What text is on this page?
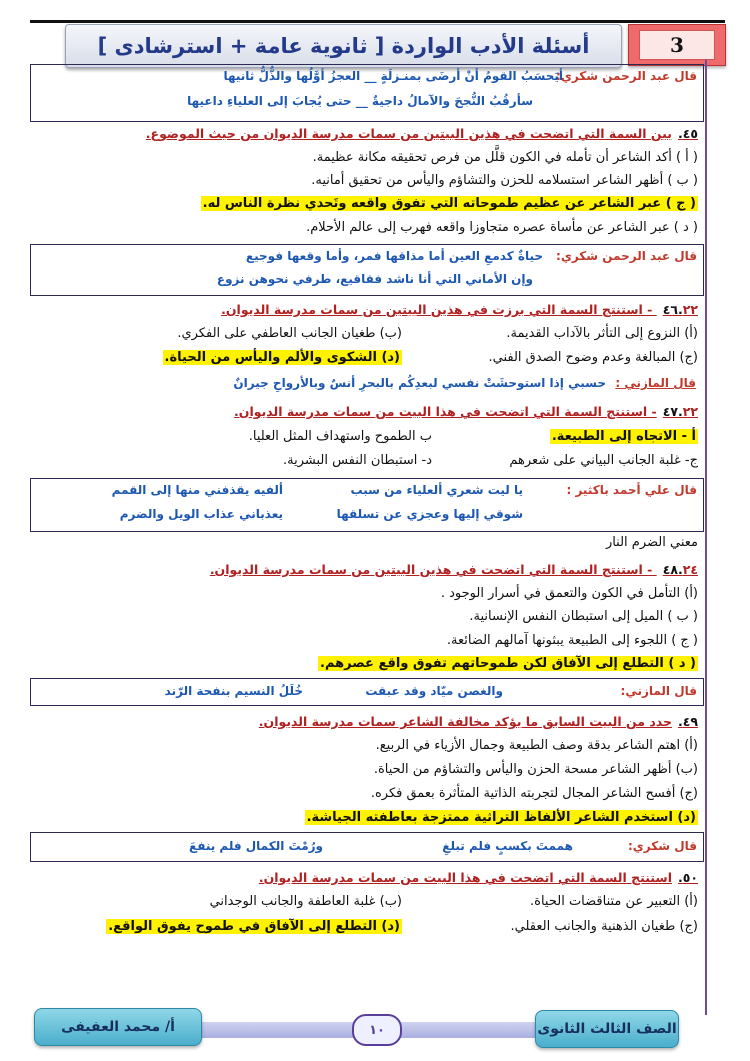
أسئلة الأدب الواردة [ ثانوية عامة + استرشادى ]	3
قال عبد الرحمن شكري:
أيَحسَبُ القومُ أنْ أرضَى بمنـزلَةٍ __ العجزُ أوَّلُها والذُّلُّ ثانيها
سأرقُبُ النُّجحَ والآمالُ داجيةٌ __ حتى يُجابَ إلى العلياءِ داعيها
٤٥.بين السمة التي اتضحت في هذين البيتين من سمات مدرسة الديوان من حيث الموضوع.
( أ ) أكد الشاعر أن تأمله في الكون قلَّل من فرص تحقيقه مكانة عظيمة.
( ب ) أظهر الشاعر استسلامه للحزن والتشاؤم واليأس من تحقيق أمانيه.
( ج ) عبر الشاعر عن عظيم طموحاته التي تفوق واقعه وتَحدي نظرة الناس له.
( د ) عبر الشاعر عن مأساة عصره متجاوزا واقعه فهرب إلى عالم الأحلام.
قال عبد الرحمن شكري:
حياةٌ كدمعِ العين أما مذاقها فمر، وأما وقعها فوجيع
وإن الأماني التي أنا ناشد فقاقيع، طرفي نحوهن نزوع
٤٦.٢٢ - استنتج السمة التي برزت في هذين البيتين من سمات مدرسة الديوان.
(أ) النزوع إلى التأثر بالآداب القديمة.
(ب) طغيان الجانب العاطفي على الفكري.
(ج) المبالغة وعدم وضوح الصدق الفني.
(د) الشكوى والألم واليأس من الحياة.
قال المازني :
حسبي إذا استوحشَتْ نفسي لبعدِكُم بالبحرِ أنسٌ وبالأرواحِ جيرانٌ
٤٧.٢٢- استنتج السمة التي اتضحت في هذا البيت من سمات مدرسة الديوان.
أ - الاتجاه إلى الطبيعة.
ب الطموح واستهداف المثل العليا.
ج- غلبة الجانب البياني على شعرهم
د- استبطان النفس البشرية.
قال علي أحمد باكثير :
يا ليت شعري ألعلياء من سبب
ألفيه يقذفني منها إلى القمم
شوقي إليها وعجزي عن تسلقها
يعذباني عذاب الويل والضرم
معني الضرم النار
٤٨.٢٤ - استنتج السمة التي اتضحت في هذين البيتين من سمات مدرسة الديوان.
(أ) التأمل في الكون والتعمق في أسرار الوجود .
( ب ) الميل إلى استبطان النفس الإنسانية.
( ج ) اللجوء إلى الطبيعة يبثونها آمالهم الضائعة.
( د ) التطلع إلى الآفاق لكن طموحاتهم تفوق واقع عصرهم.
قال المازني:
والغصن ميّاد وقد عبقت
خُلَلُ النسيم بنفحة الرّند
٤٩.حدد من البيت السابق ما يؤكد مخالفة الشاعر سمات مدرسة الديوان.
(أ) اهتم الشاعر بدقة وصف الطبيعة وجمال الأزياء في الربيع.
(ب) أظهر الشاعر مسحة الحزن واليأس والتشاؤم من الحياة.
(ج) أفسح الشاعر المجال لتجربته الذاتية المتأثرة بعمق فكره.
(د) استخدم الشاعر الألفاظ التراثية ممتزجة بعاطفته الجياشة.
قال شكري:
هممتَ بكسبٍ فلم تبلغِ
ورُمْتَ الكمال فلم ينفعَ
٥٠.استنتج السمة التي اتضحت في هذا البيت من سمات مدرسة الديوان.
(أ) التعبير عن متناقضات الحياة.
(ب) غلبة العاطفة والجانب الوجداني
(ج) طغيان الذهنية والجانب العقلي.
(د) التطلع إلى الآفاق في طموح يفوق الواقع.
الصف الثالث الثانوى
١٠
أ/ محمد العفيفى
